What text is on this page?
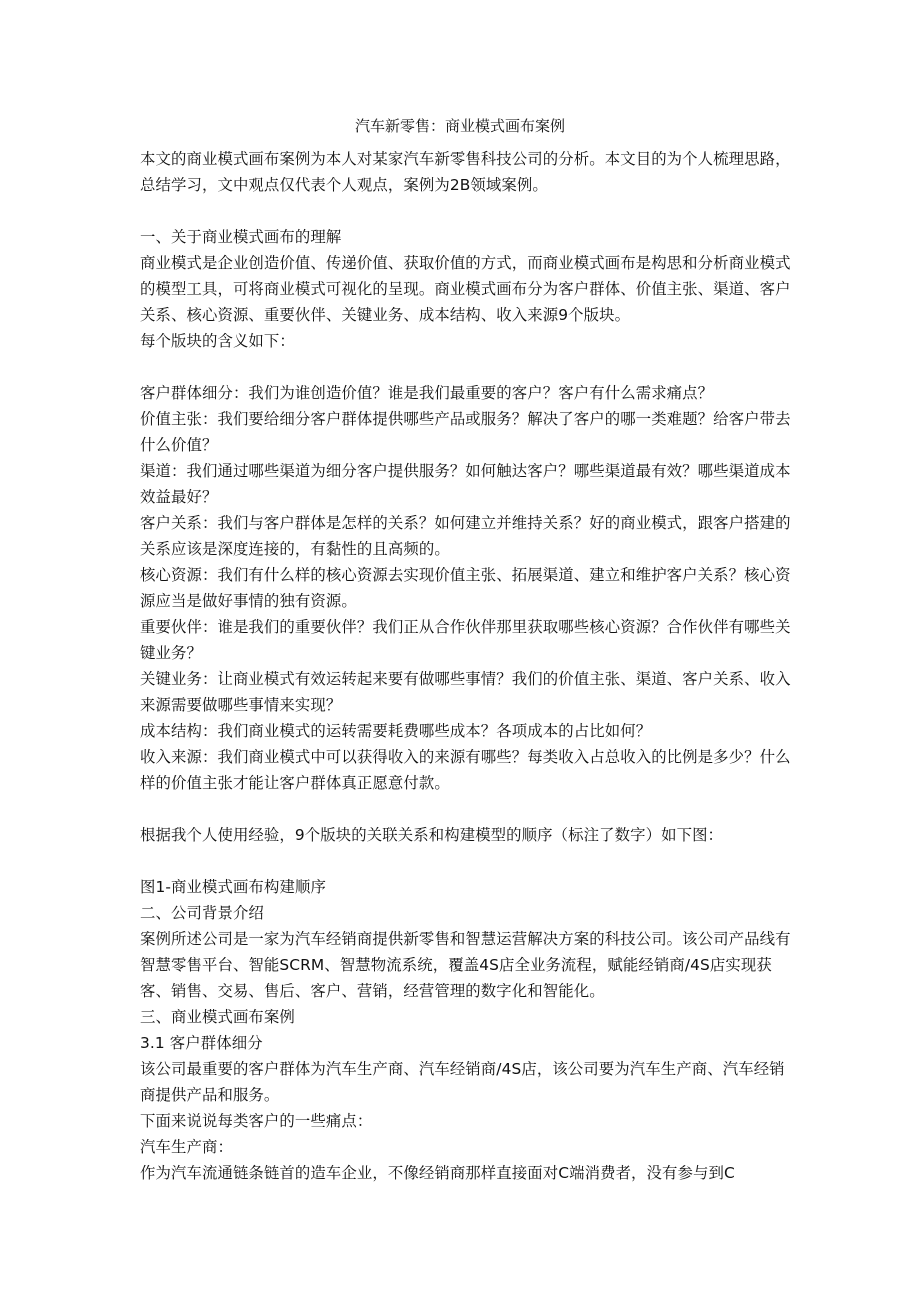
汽车新零售：商业模式画布案例

本文的商业模式画布案例为本人对某家汽车新零售科技公司的分析。本文目的为个人梳理思路，总结学习，文中观点仅代表个人观点，案例为2B领域案例。

一、关于商业模式画布的理解

商业模式是企业创造价值、传递价值、获取价值的方式，而商业模式画布是构思和分析商业模式的模型工具，可将商业模式可视化的呈现。商业模式画布分为客户群体、价值主张、渠道、客户关系、核心资源、重要伙伴、关键业务、成本结构、收入来源9个版块。

每个版块的含义如下：

客户群体细分：我们为谁创造价值？谁是我们最重要的客户？客户有什么需求痛点？

价值主张：我们要给细分客户群体提供哪些产品或服务？解决了客户的哪一类难题？给客户带去什么价值？

渠道：我们通过哪些渠道为细分客户提供服务？如何触达客户？哪些渠道最有效？哪些渠道成本效益最好？

客户关系：我们与客户群体是怎样的关系？如何建立并维持关系？好的商业模式，跟客户搭建的关系应该是深度连接的，有黏性的且高频的。

核心资源：我们有什么样的核心资源去实现价值主张、拓展渠道、建立和维护客户关系？核心资源应当是做好事情的独有资源。

重要伙伴：谁是我们的重要伙伴？我们正从合作伙伴那里获取哪些核心资源？合作伙伴有哪些关键业务？

关键业务：让商业模式有效运转起来要有做哪些事情？我们的价值主张、渠道、客户关系、收入来源需要做哪些事情来实现？

成本结构：我们商业模式的运转需要耗费哪些成本？各项成本的占比如何？

收入来源：我们商业模式中可以获得收入的来源有哪些？每类收入占总收入的比例是多少？什么样的价值主张才能让客户群体真正愿意付款。

根据我个人使用经验，9个版块的关联关系和构建模型的顺序（标注了数字）如下图：

图1-商业模式画布构建顺序

二、公司背景介绍

案例所述公司是一家为汽车经销商提供新零售和智慧运营解决方案的科技公司。该公司产品线有智慧零售平台、智能SCRM、智慧物流系统，覆盖4S店全业务流程，赋能经销商/4S店实现获客、销售、交易、售后、客户、营销，经营管理的数字化和智能化。

三、商业模式画布案例

3.1 客户群体细分

该公司最重要的客户群体为汽车生产商、汽车经销商/4S店，该公司要为汽车生产商、汽车经销商提供产品和服务。

下面来说说每类客户的一些痛点：

汽车生产商：

作为汽车流通链条链首的造车企业，不像经销商那样直接面对C端消费者，没有参与到C
